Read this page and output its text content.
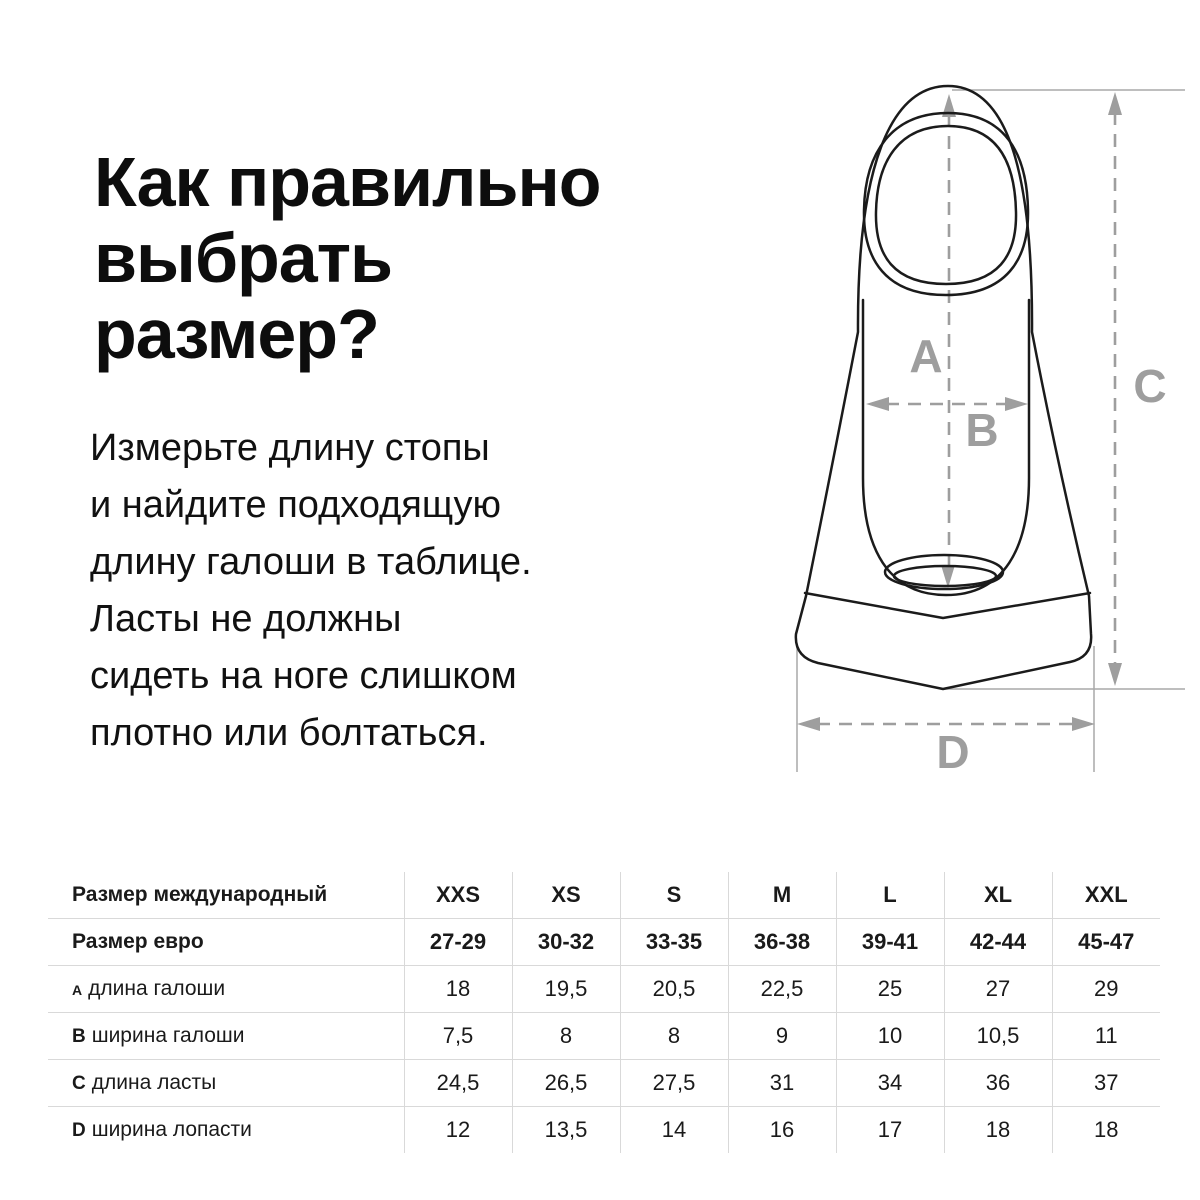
Как правильно
выбрать
размер?
Измерьте длину стопы
и найдите подходящую
длину галоши в таблице.
Ласты не должны
сидеть на ноге слишком
плотно или болтаться.
A
B
C
D
Размер международный	XXS	XS	S	M	L	XL	XXL
Размер евро	27-29	30-32	33-35	36-38	39-41	42-44	45-47
A длина галоши	18	19,5	20,5	22,5	25	27	29
B ширина галоши	7,5	8	8	9	10	10,5	11
C длина ласты	24,5	26,5	27,5	31	34	36	37
D ширина лопасти	12	13,5	14	16	17	18	18
